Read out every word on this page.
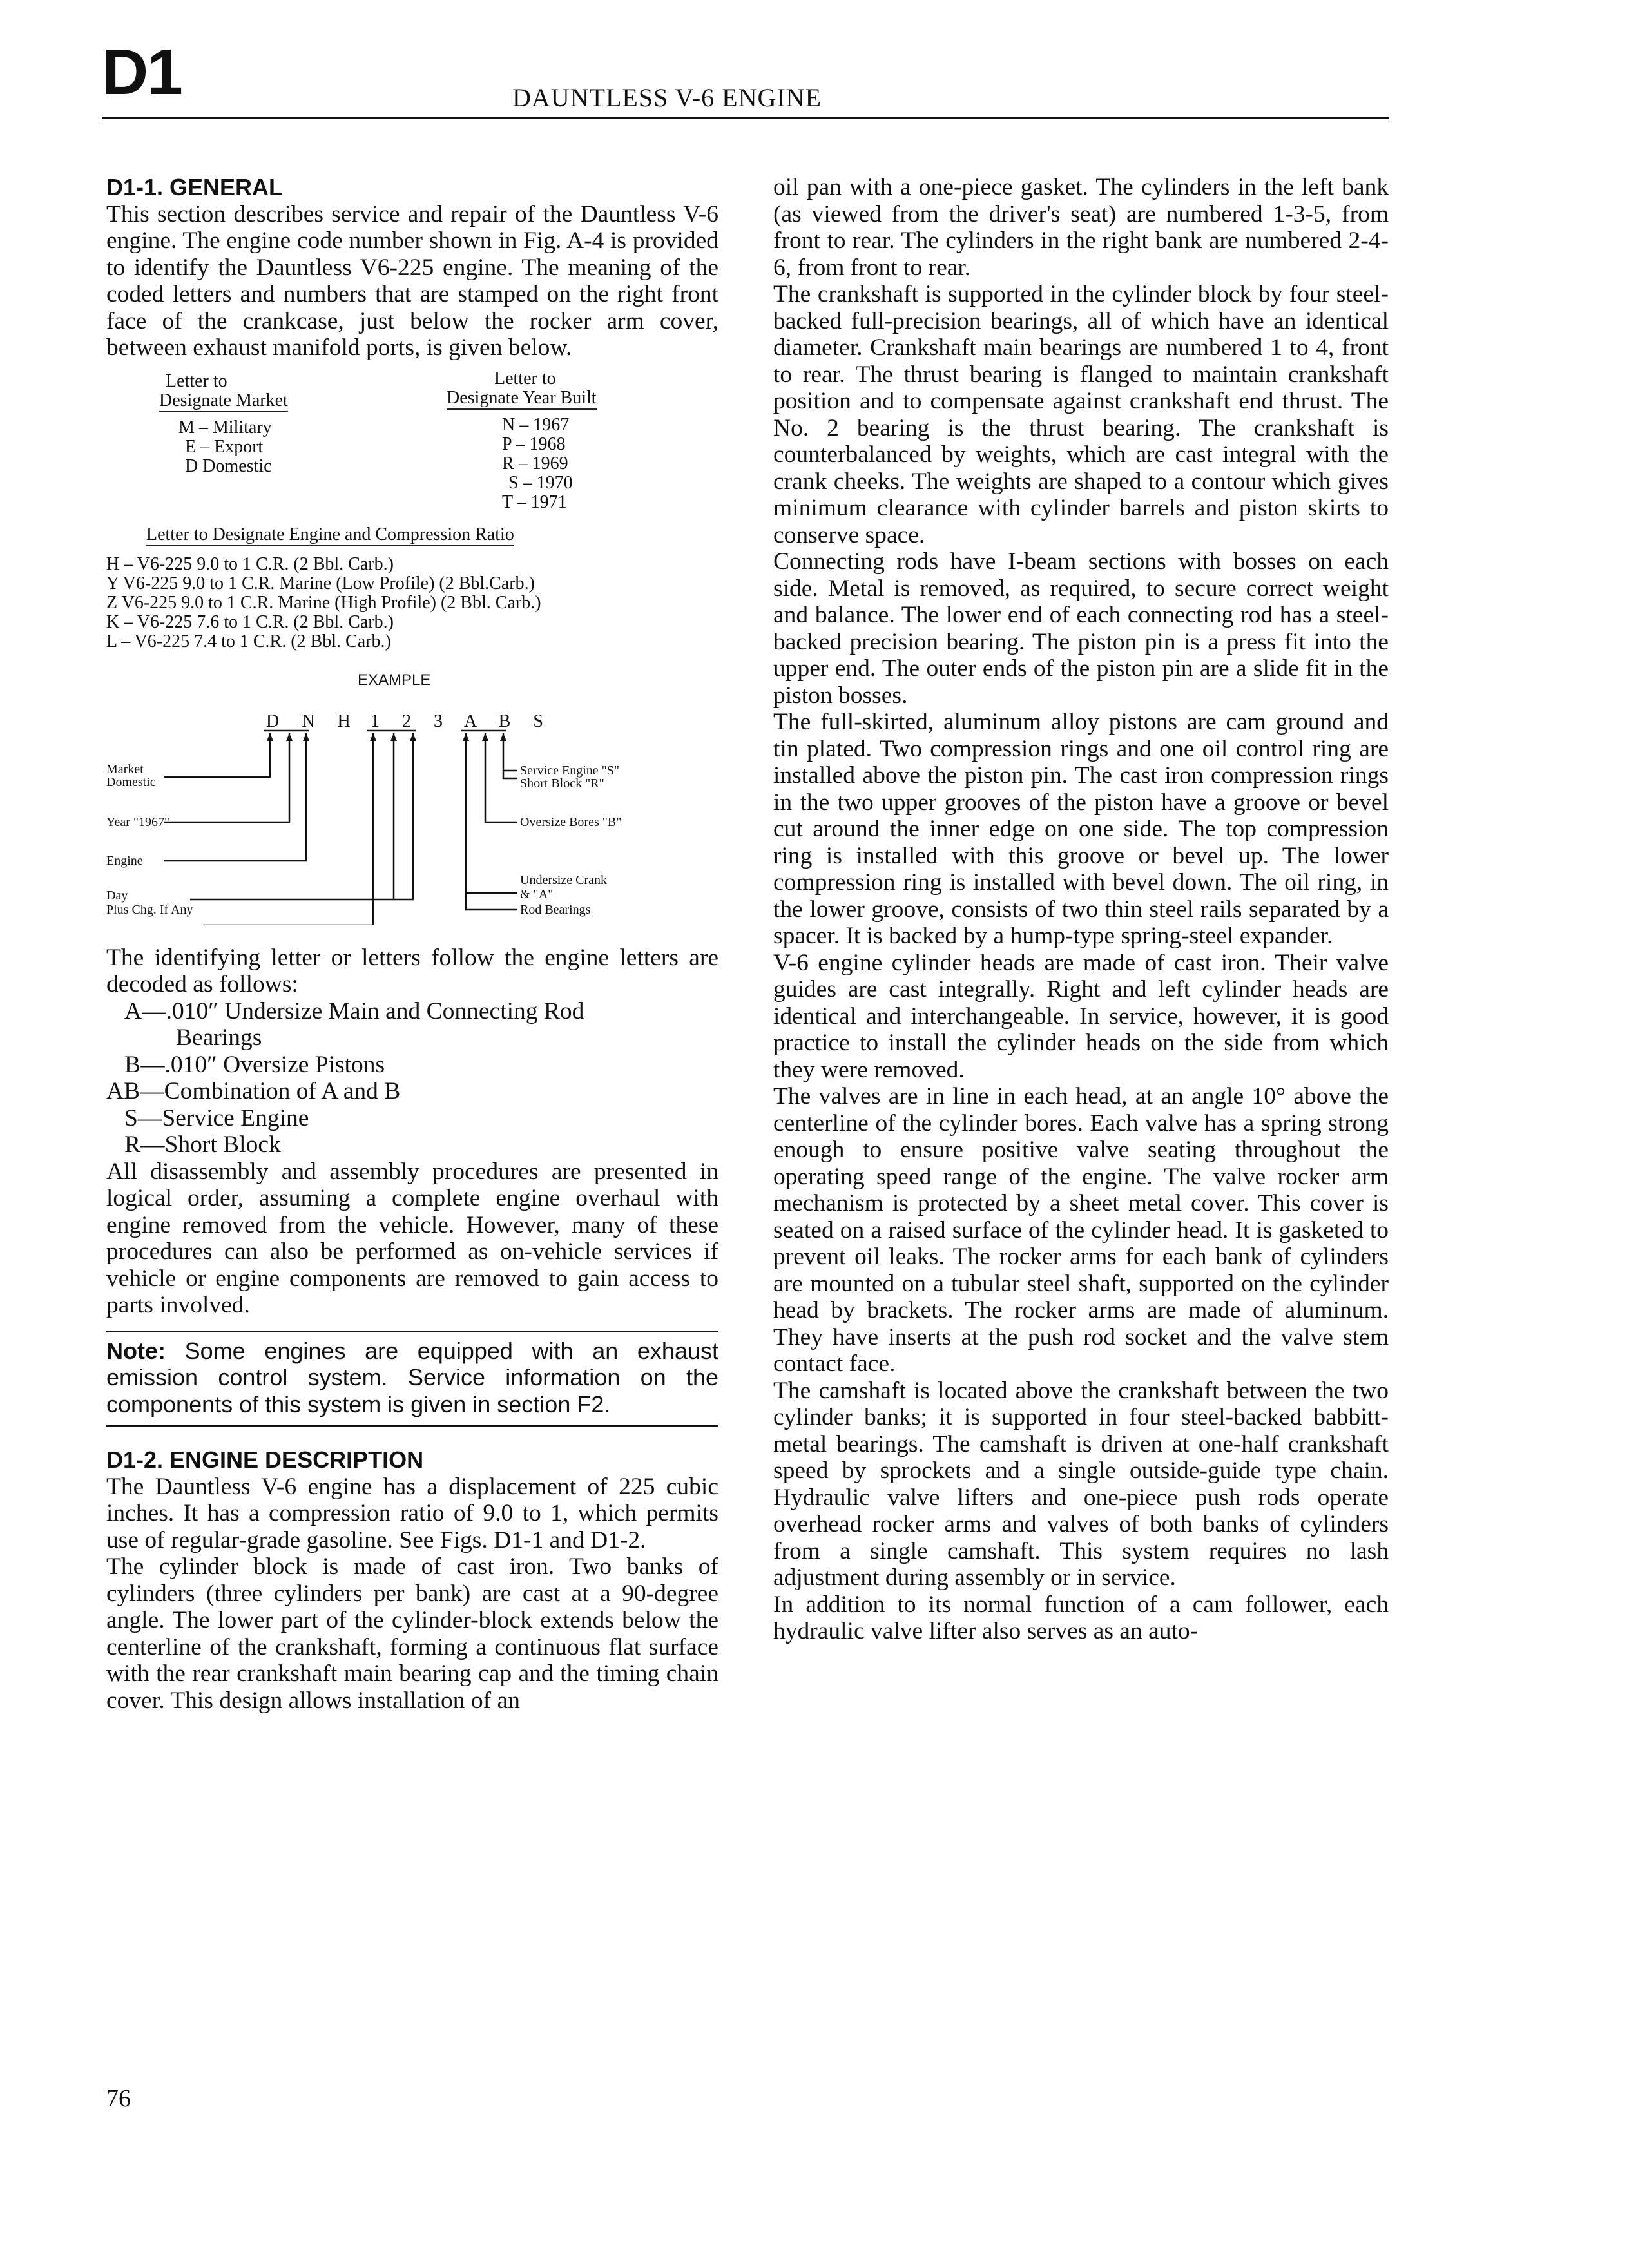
D1	DAUNTLESS V-6 ENGINE

D1-1. GENERAL

This section describes service and repair of the Dauntless V-6 engine. The engine code number shown in Fig. A-4 is provided to identify the Dauntless V6-225 engine. The meaning of the coded letters and numbers that are stamped on the right front face of the crankcase, just below the rocker arm cover, between exhaust manifold ports, is given below.

Letter to
Designate Market
Letter to
Designate Year Built
M – Military
E – Export
D Domestic
N – 1967
P – 1968
R – 1969
S – 1970
T – 1971
Letter to Designate Engine and Compression Ratio
H – V6-225 9.0 to 1 C.R. (2 Bbl. Carb.)
Y V6-225 9.0 to 1 C.R. Marine (Low Profile) (2 Bbl.Carb.)
Z V6-225 9.0 to 1 C.R. Marine (High Profile) (2 Bbl. Carb.)
K – V6-225 7.6 to 1 C.R. (2 Bbl. Carb.)
L – V6-225 7.4 to 1 C.R. (2 Bbl. Carb.)
EXAMPLE
D N H 1 2 3 A B S
Market
Domestic
Year "1967"
Engine
Day
Plus Chg. If Any
Service Engine "S"
Short Block "R"
Oversize Bores "B"
Undersize Crank
& "A"
Rod Bearings

The identifying letter or letters follow the engine letters are decoded as follows:

A—.010″ Undersize Main and Connecting Rod
Bearings
B—.010″ Oversize Pistons
AB—Combination of A and B
S—Service Engine
R—Short Block

All disassembly and assembly procedures are presented in logical order, assuming a complete engine overhaul with engine removed from the vehicle. However, many of these procedures can also be performed as on-vehicle services if vehicle or engine components are removed to gain access to parts involved.

Note: Some engines are equipped with an exhaust emission control system. Service information on the components of this system is given in section F2.

D1-2. ENGINE DESCRIPTION

The Dauntless V-6 engine has a displacement of 225 cubic inches. It has a compression ratio of 9.0 to 1, which permits use of regular-grade gasoline. See Figs. D1-1 and D1-2.

The cylinder block is made of cast iron. Two banks of cylinders (three cylinders per bank) are cast at a 90-degree angle. The lower part of the cylinder-block extends below the centerline of the crankshaft, forming a continuous flat surface with the rear crankshaft main bearing cap and the timing chain cover. This design allows installation of an

oil pan with a one-piece gasket. The cylinders in the left bank (as viewed from the driver's seat) are numbered 1-3-5, from front to rear. The cylinders in the right bank are numbered 2-4-6, from front to rear.

The crankshaft is supported in the cylinder block by four steel-backed full-precision bearings, all of which have an identical diameter. Crankshaft main bearings are numbered 1 to 4, front to rear. The thrust bearing is flanged to maintain crankshaft position and to compensate against crankshaft end thrust. The No. 2 bearing is the thrust bearing. The crankshaft is counterbalanced by weights, which are cast integral with the crank cheeks. The weights are shaped to a contour which gives minimum clearance with cylinder barrels and piston skirts to conserve space.

Connecting rods have I-beam sections with bosses on each side. Metal is removed, as required, to secure correct weight and balance. The lower end of each connecting rod has a steel-backed precision bearing. The piston pin is a press fit into the upper end. The outer ends of the piston pin are a slide fit in the piston bosses.

The full-skirted, aluminum alloy pistons are cam ground and tin plated. Two compression rings and one oil control ring are installed above the piston pin. The cast iron compression rings in the two upper grooves of the piston have a groove or bevel cut around the inner edge on one side. The top compression ring is installed with this groove or bevel up. The lower compression ring is installed with bevel down. The oil ring, in the lower groove, consists of two thin steel rails separated by a spacer. It is backed by a hump-type spring-steel expander.

V-6 engine cylinder heads are made of cast iron. Their valve guides are cast integrally. Right and left cylinder heads are identical and interchangeable. In service, however, it is good practice to install the cylinder heads on the side from which they were removed.

The valves are in line in each head, at an angle 10° above the centerline of the cylinder bores. Each valve has a spring strong enough to ensure positive valve seating throughout the operating speed range of the engine. The valve rocker arm mechanism is protected by a sheet metal cover. This cover is seated on a raised surface of the cylinder head. It is gasketed to prevent oil leaks. The rocker arms for each bank of cylinders are mounted on a tubular steel shaft, supported on the cylinder head by brackets. The rocker arms are made of aluminum. They have inserts at the push rod socket and the valve stem contact face.

The camshaft is located above the crankshaft between the two cylinder banks; it is supported in four steel-backed babbitt-metal bearings. The camshaft is driven at one-half crankshaft speed by sprockets and a single outside-guide type chain. Hydraulic valve lifters and one-piece push rods operate overhead rocker arms and valves of both banks of cylinders from a single camshaft. This system requires no lash adjustment during assembly or in service.

In addition to its normal function of a cam follower, each hydraulic valve lifter also serves as an auto-

76
